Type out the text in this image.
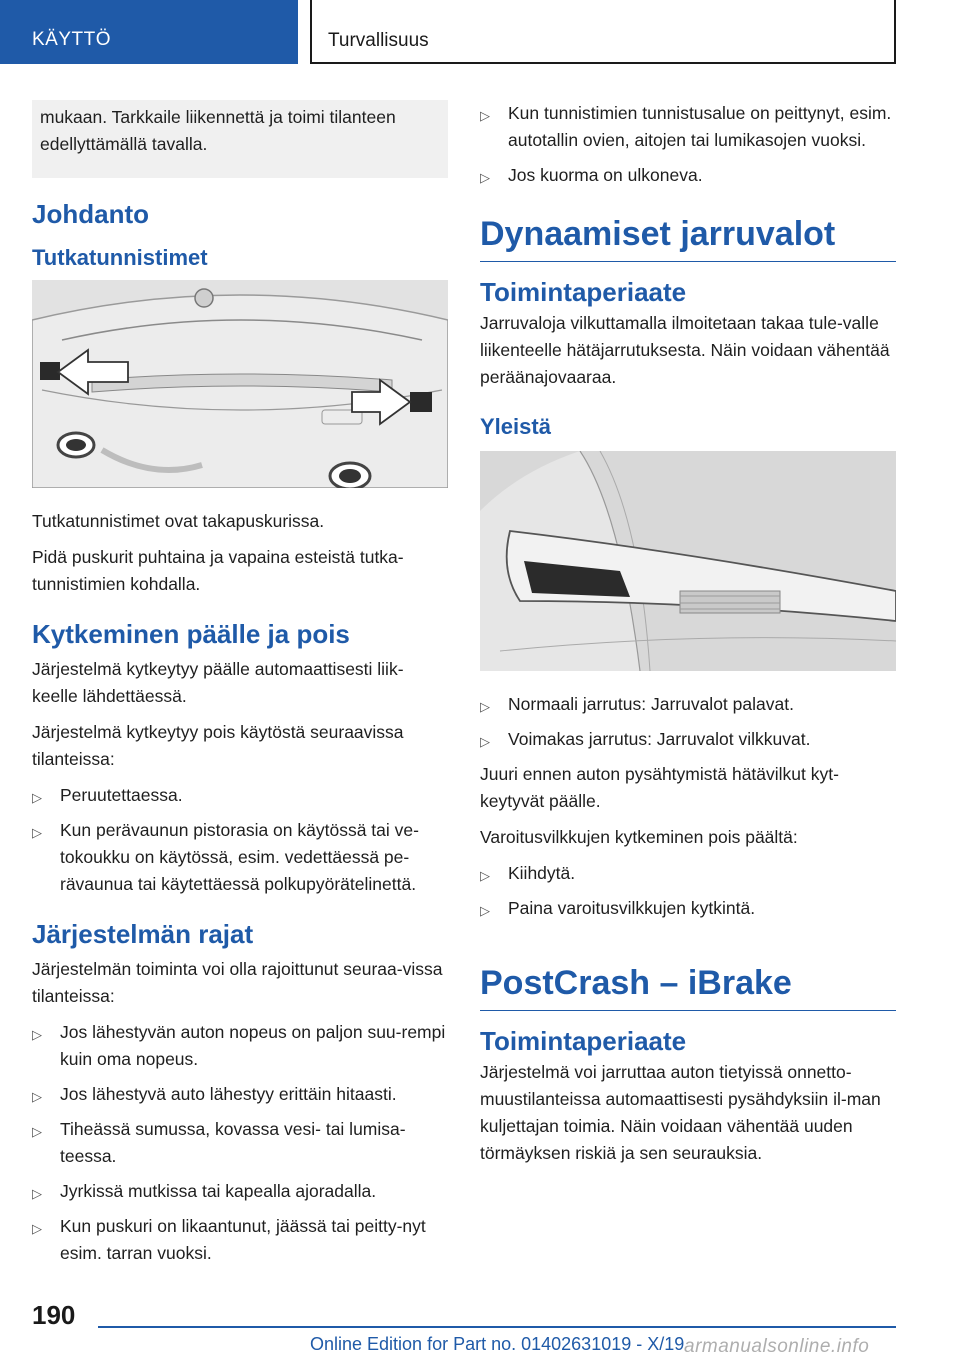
KÄYTTÖ	Turvallisuus

mukaan. Tarkkaile liikennettä ja toimi tilanteen edellyttämällä tavalla.

Johdanto
Tutkatunnistimet

Tutkatunnistimet ovat takapuskurissa.

Pidä puskurit puhtaina ja vapaina esteistä tutka-tunnistimien kohdalla.

Kytkeminen päälle ja pois

Järjestelmä kytkeytyy päälle automaattisesti liik-keelle lähdettäessä.

Järjestelmä kytkeytyy pois käytöstä seuraavissa tilanteissa:

▷ Peruutettaessa.
▷ Kun perävaunun pistorasia on käytössä tai ve-tokoukku on käytössä, esim. vedettäessä pe-rävaunua tai käytettäessä polkupyörätelinettä.
Järjestelmän rajat

Järjestelmän toiminta voi olla rajoittunut seuraa-vissa tilanteissa:

▷ Jos lähestyvän auton nopeus on paljon suu-rempi kuin oma nopeus.
▷ Jos lähestyvä auto lähestyy erittäin hitaasti.
▷ Tiheässä sumussa, kovassa vesi- tai lumisa-teessa.
▷ Jyrkissä mutkissa tai kapealla ajoradalla.
▷ Kun puskuri on likaantunut, jäässä tai peitty-nyt esim. tarran vuoksi.
▷ Kun tunnistimien tunnistusalue on peittynyt, esim. autotallin ovien, aitojen tai lumikasojen vuoksi.
▷ Jos kuorma on ulkoneva.
Dynaamiset jarruvalot
Toimintaperiaate

Jarruvaloja vilkuttamalla ilmoitetaan takaa tule-valle liikenteelle hätäjarrutuksesta. Näin voidaan vähentää peräänajovaaraa.

Yleistä
▷ Normaali jarrutus: Jarruvalot palavat.
▷ Voimakas jarrutus: Jarruvalot vilkkuvat.

Juuri ennen auton pysähtymistä hätävilkut kyt-keytyvät päälle.

Varoitusvilkkujen kytkeminen pois päältä:

▷ Kiihdytä.
▷ Paina varoitusvilkkujen kytkintä.
PostCrash – iBrake
Toimintaperiaate

Järjestelmä voi jarruttaa auton tietyissä onnetto-muustilanteissa automaattisesti pysähdyksiin il-man kuljettajan toimia. Näin voidaan vähentää uuden törmäyksen riskiä ja sen seurauksia.

190
Online Edition for Part no. 01402631019 - X/19 armanualsonline.info
